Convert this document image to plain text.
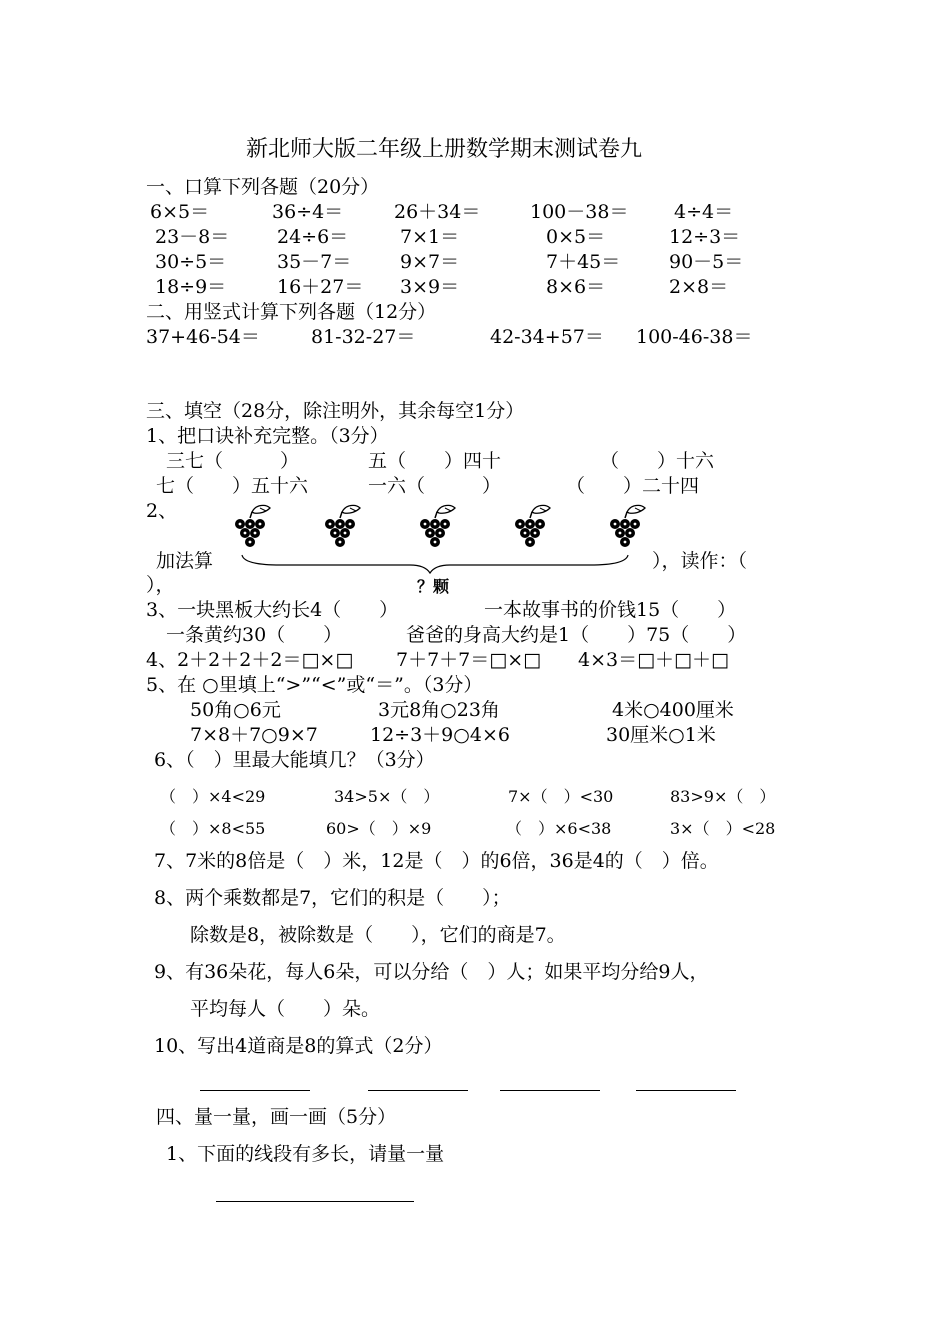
新北师大版二年级上册数学期末测试卷九
一、口算下列各题（20分）
6×5＝	36÷4＝	26＋34＝	100－38＝ 4÷4＝
23－8＝	24÷6＝	7×1＝	0×5＝	12÷3＝
30÷5＝	35－7＝	9×7＝	7＋45＝	90－5＝
18÷9＝	16＋27＝ 3×9＝	8×6＝	2×8＝
二、用竖式计算下列各题（12分）
37+46-54＝	81-32-27＝	42-34+57＝ 100-46-38＝
三、填空（28分，除注明外，其余每空1分）
1、把口诀补充完整。（3分）
三七（　　　）	五（　　）四十	（　　）十六
七（　　）五十六	一六（　　　）	（　　）二十四
2、
加法算	），读作：（
），	？颗
3、一块黑板大约长4（　　）	一本故事书的价钱15（　　）
一条黄约30（　　）	爸爸的身高大约是1（　　）75（　　）
4、2＋2＋2＋2＝□×□ 7＋7＋7＝□×□ 4×3＝□＋□＋□
5、在 ○里填上“>”“<”或“＝”。（3分）
50角○6元	3元8角○23角	4米○400厘米
7×8＋7○9×7	12÷3＋9○4×6	30厘米○1米
6、（　）里最大能填几？（3分）
（　）×4<29	34>5×（　）	7×（　）<30	83>9×（　）
（　）×8<55	60>（　）×9	（　）×6<38	3×（　）<28
7、7米的8倍是（　）米，12是（　）的6倍，36是4的（　）倍。
8、两个乘数都是7，它们的积是（　　）；
除数是8，被除数是（　　），它们的商是7。
9、有36朵花，每人6朵，可以分给（　）人；如果平均分给9人，
平均每人（　　）朵。
10、写出4道商是8的算式（2分）
四、量一量，画一画（5分）
1、下面的线段有多长，请量一量
